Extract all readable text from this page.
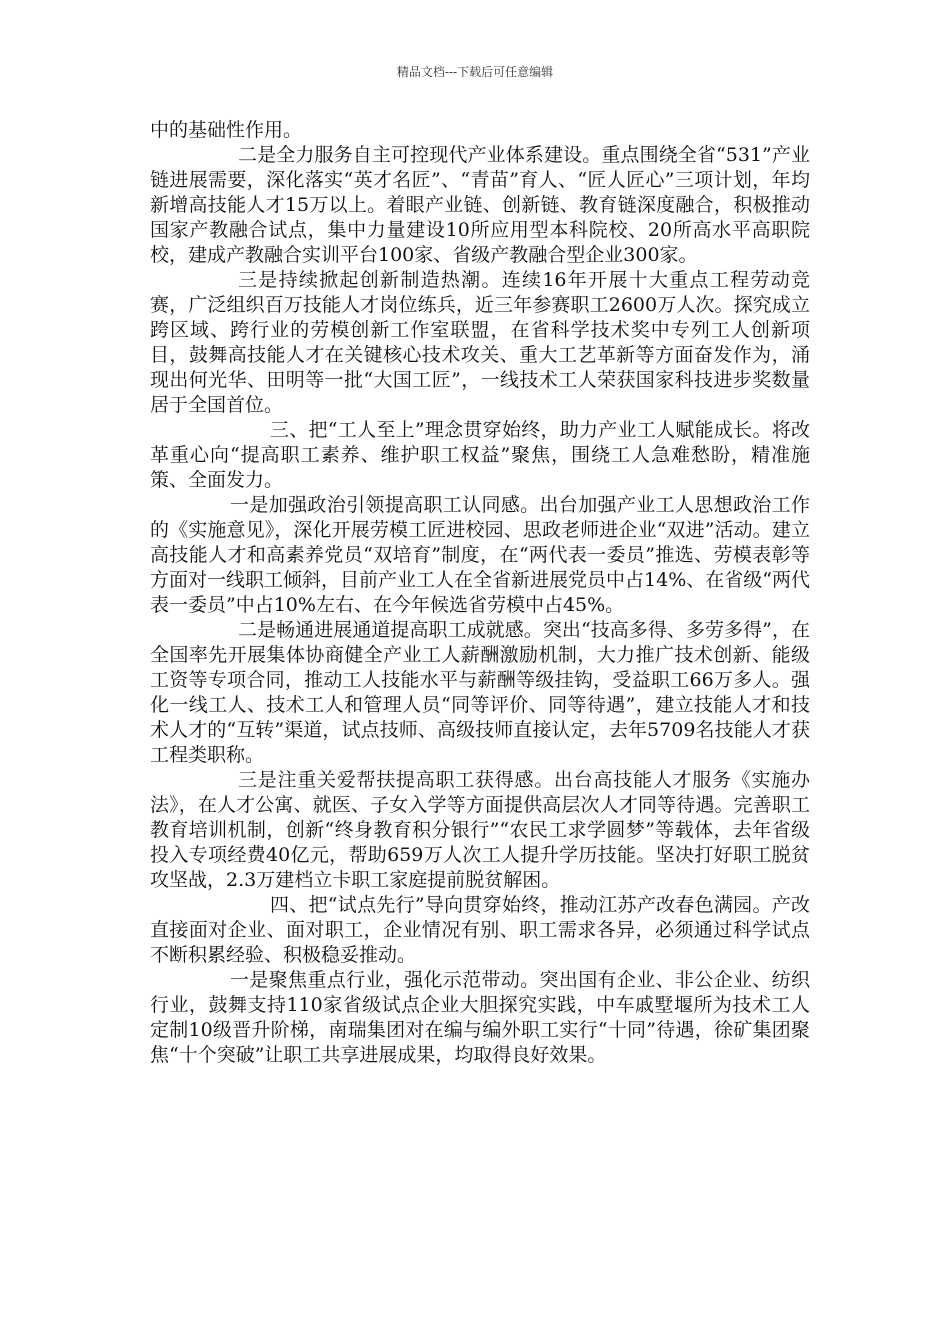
精品文档---下载后可任意编辑

中的基础性作用。

二是全力服务自主可控现代产业体系建设。重点围绕全省“531”产业链进展需要，深化落实“英才名匠”、“青苗”育人、“匠人匠心”三项计划，年均新增高技能人才15万以上。着眼产业链、创新链、教育链深度融合，积极推动国家产教融合试点，集中力量建设10所应用型本科院校、20所高水平高职院校，建成产教融合实训平台100家、省级产教融合型企业300家。

三是持续掀起创新制造热潮。连续16年开展十大重点工程劳动竞赛，广泛组织百万技能人才岗位练兵，近三年参赛职工2600万人次。探究成立跨区域、跨行业的劳模创新工作室联盟，在省科学技术奖中专列工人创新项目，鼓舞高技能人才在关键核心技术攻关、重大工艺革新等方面奋发作为，涌现出何光华、田明等一批“大国工匠”，一线技术工人荣获国家科技进步奖数量居于全国首位。

三、把“工人至上”理念贯穿始终，助力产业工人赋能成长。将改革重心向“提高职工素养、维护职工权益”聚焦，围绕工人急难愁盼，精准施策、全面发力。

一是加强政治引领提高职工认同感。出台加强产业工人思想政治工作的《实施意见》，深化开展劳模工匠进校园、思政老师进企业“双进”活动。建立高技能人才和高素养党员“双培育”制度，在“两代表一委员”推选、劳模表彰等方面对一线职工倾斜，目前产业工人在全省新进展党员中占14%、在省级“两代表一委员”中占10%左右、在今年候选省劳模中占45%。

二是畅通进展通道提高职工成就感。突出“技高多得、多劳多得”，在全国率先开展集体协商健全产业工人薪酬激励机制，大力推广技术创新、能级工资等专项合同，推动工人技能水平与薪酬等级挂钩，受益职工66万多人。强化一线工人、技术工人和管理人员“同等评价、同等待遇”，建立技能人才和技术人才的“互转”渠道，试点技师、高级技师直接认定，去年5709名技能人才获工程类职称。

三是注重关爱帮扶提高职工获得感。出台高技能人才服务《实施办法》，在人才公寓、就医、子女入学等方面提供高层次人才同等待遇。完善职工教育培训机制，创新“终身教育积分银行”“农民工求学圆梦”等载体，去年省级投入专项经费40亿元，帮助659万人次工人提升学历技能。坚决打好职工脱贫攻坚战，2.3万建档立卡职工家庭提前脱贫解困。

四、把“试点先行”导向贯穿始终，推动江苏产改春色满园。产改直接面对企业、面对职工，企业情况有别、职工需求各异，必须通过科学试点不断积累经验、积极稳妥推动。

一是聚焦重点行业，强化示范带动。突出国有企业、非公企业、纺织行业，鼓舞支持110家省级试点企业大胆探究实践，中车戚墅堰所为技术工人定制10级晋升阶梯，南瑞集团对在编与编外职工实行“十同”待遇，徐矿集团聚焦“十个突破”让职工共享进展成果，均取得良好效果。
